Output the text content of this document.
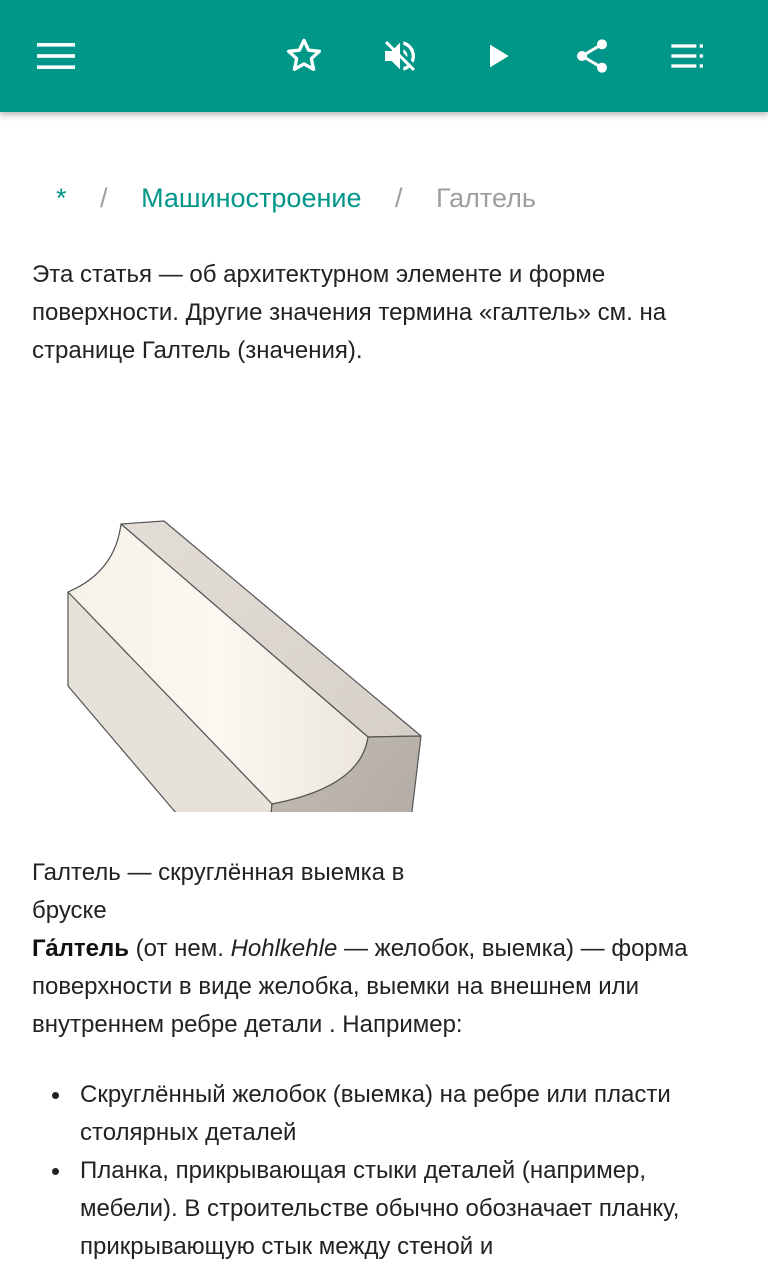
* / Машиностроение / Галтель

Эта статья — об архитектурном элементе и форме поверхности. Другие значения термина «галтель» см. на странице Галтель (значения).

Галтель — скруглённая выемка в бруске

Га́лтель (от нем. Hohlkehle — желобок, выемка) — форма поверхности в виде желобка, выемки на внешнем или внутреннем ребре детали . Например:

Скруглённый желобок (выемка) на ребре или пласти столярных деталей
Планка, прикрывающая стыки деталей (например, мебели). В строительстве обычно обозначает планку, прикрывающую стык между стеной и
